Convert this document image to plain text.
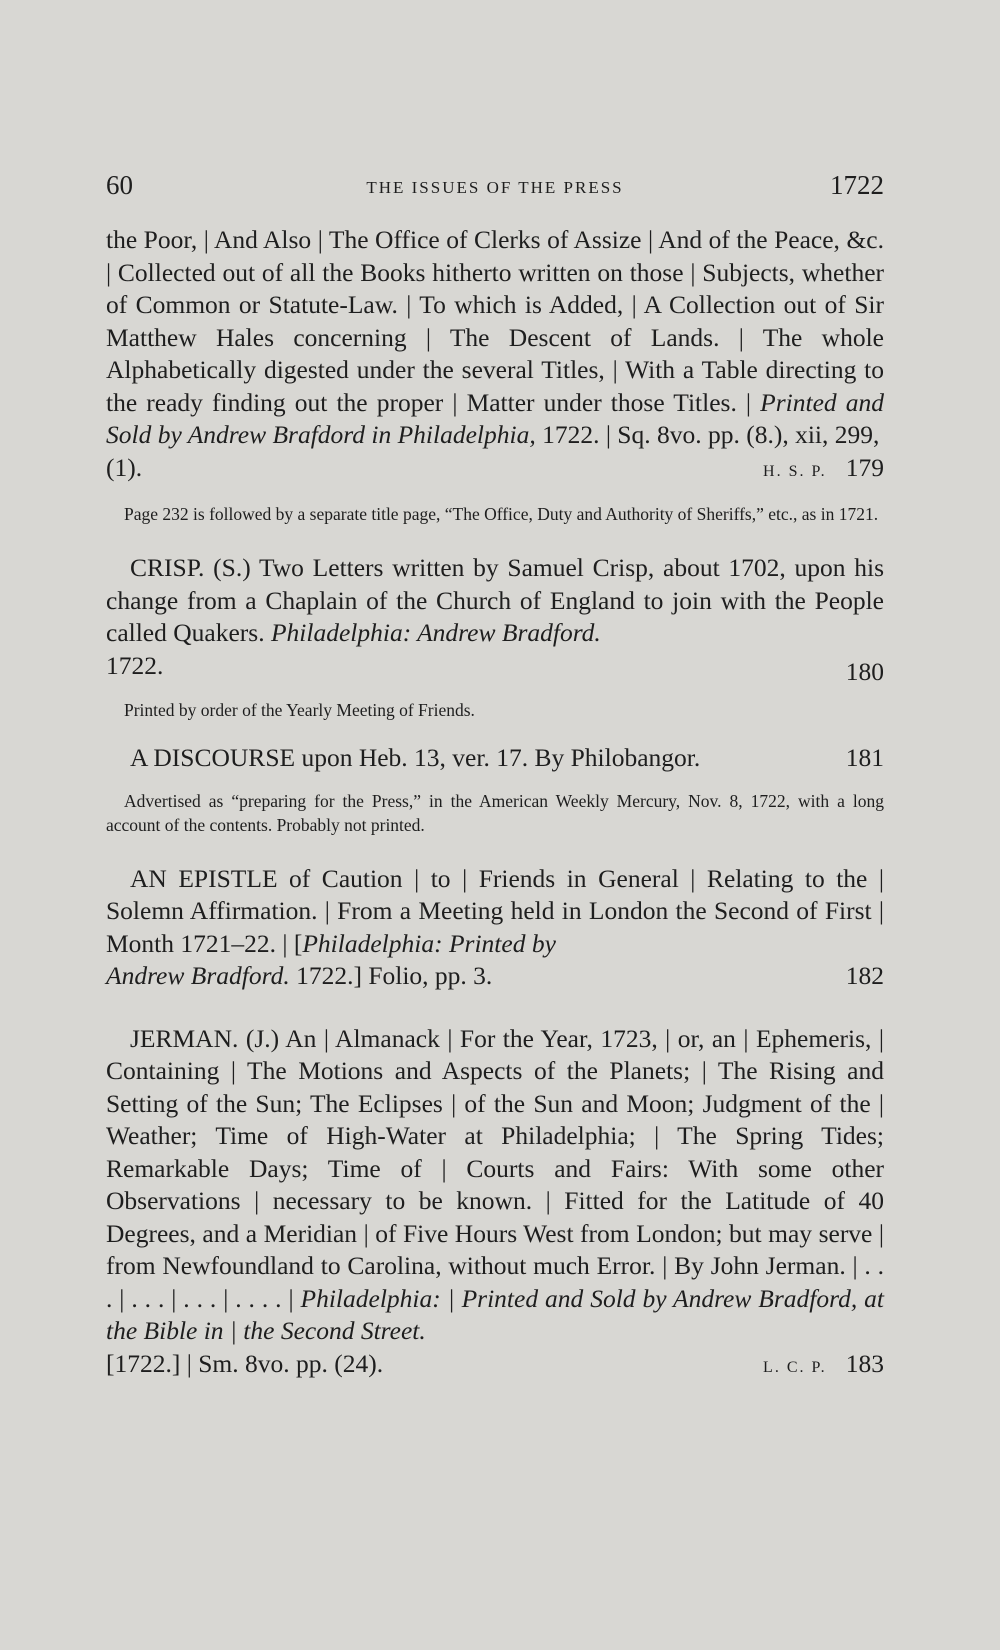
60	THE ISSUES OF THE PRESS	1722

the Poor, | And Also | The Office of Clerks of Assize | And of the Peace, &c. | Collected out of all the Books hitherto written on those | Subjects, whether of Common or Statute-Law. | To which is Added, | A Collection out of Sir Matthew Hales concerning | The Descent of Lands. | The whole Alphabetically digested under the several Titles, | With a Table directing to the ready finding out the proper | Matter under those Titles. | Printed and Sold by Andrew Brafdord in Philadelphia, 1722. | Sq. 8vo. pp. (8.), xii, 299,

(1).	H. S. P. 179

Page 232 is followed by a separate title page, “The Office, Duty and Authority of Sheriffs,” etc., as in 1721.

CRISP. (S.) Two Letters written by Samuel Crisp, about 1702, upon his change from a Chaplain of the Church of England to join with the People called Quakers. Philadelphia: Andrew Bradford.

1722.	180

Printed by order of the Yearly Meeting of Friends.

A DISCOURSE upon Heb. 13, ver. 17. By Philobangor.	181

Advertised as “preparing for the Press,” in the American Weekly Mercury, Nov. 8, 1722, with a long account of the contents. Probably not printed.

AN EPISTLE of Caution | to | Friends in General | Relating to the | Solemn Affirmation. | From a Meeting held in London the Second of First | Month 1721–22. | [Philadelphia: Printed by

Andrew Bradford. 1722.] Folio, pp. 3.	182

JERMAN. (J.) An | Almanack | For the Year, 1723, | or, an | Ephemeris, | Containing | The Motions and Aspects of the Planets; | The Rising and Setting of the Sun; The Eclipses | of the Sun and Moon; Judgment of the | Weather; Time of High-Water at Philadelphia; | The Spring Tides; Remarkable Days; Time of | Courts and Fairs: With some other Observations | necessary to be known. | Fitted for the Latitude of 40 Degrees, and a Meridian | of Five Hours West from London; but may serve | from Newfoundland to Carolina, without much Error. | By John Jerman. | . . . | . . . | . . . | . . . . | Philadelphia: | Printed and Sold by Andrew Bradford, at the Bible in | the Second Street.

[1722.] | Sm. 8vo. pp. (24).	L. C. P. 183
